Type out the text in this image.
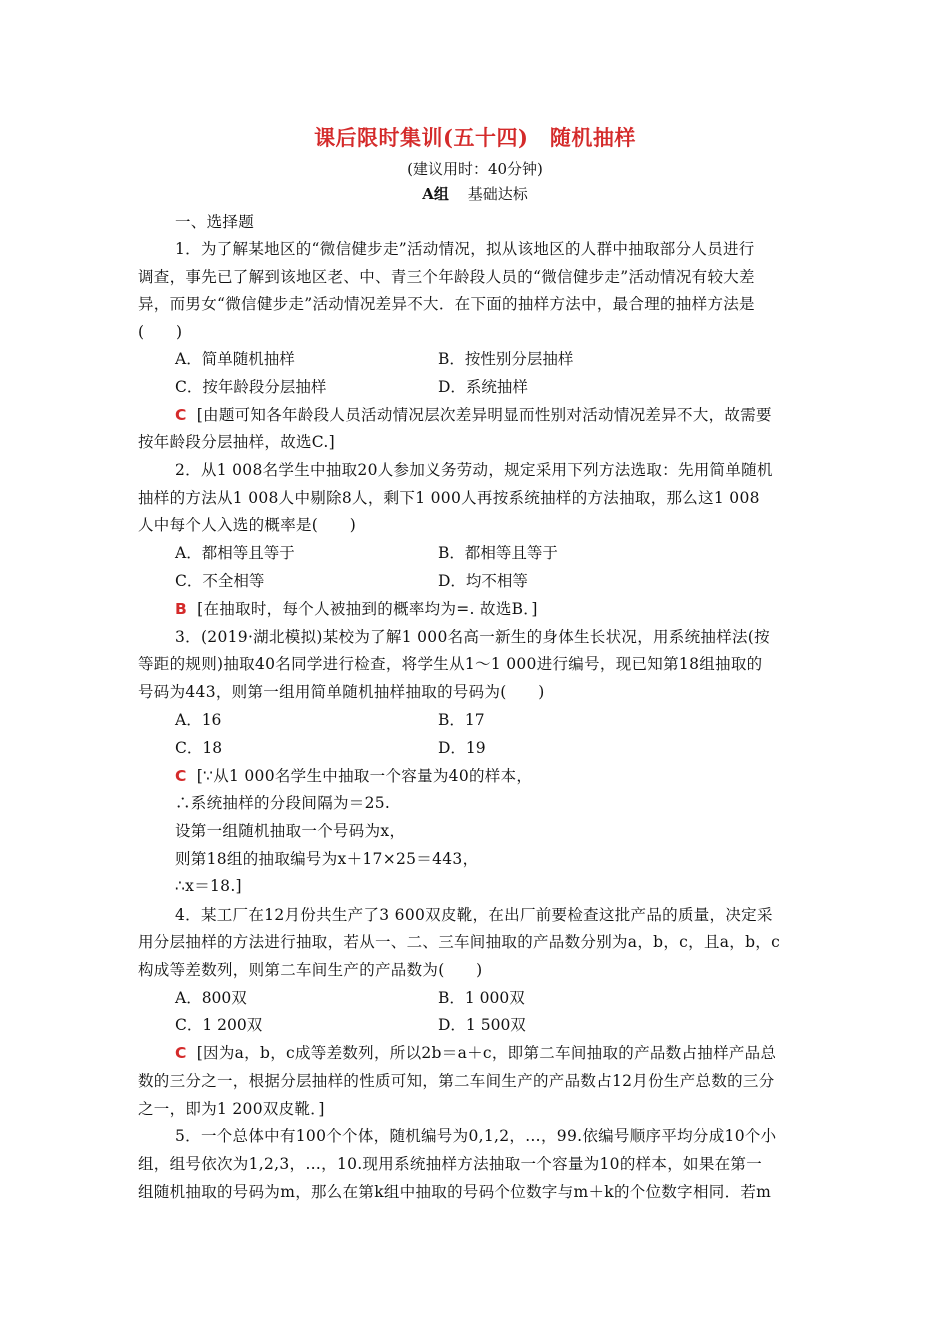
课后限时集训(五十四)　随机抽样
(建议用时：40分钟)
A组 基础达标
一、选择题
1．为了解某地区的“微信健步走”活动情况，拟从该地区的人群中抽取部分人员进行
调查，事先已了解到该地区老、中、青三个年龄段人员的“微信健步走”活动情况有较大差
异，而男女“微信健步走”活动情况差异不大．在下面的抽样方法中，最合理的抽样方法是
(　　)
A．简单随机抽样	B．按性别分层抽样
C．按年龄段分层抽样	D．系统抽样
C [由题可知各年龄段人员活动情况层次差异明显而性别对活动情况差异不大，故需要
按年龄段分层抽样，故选C.]
2．从1 008名学生中抽取20人参加义务劳动，规定采用下列方法选取：先用简单随机
抽样的方法从1 008人中剔除8人，剩下1 000人再按系统抽样的方法抽取，那么这1 008
人中每个人入选的概率是(　　)
A．都相等且等于	B．都相等且等于
C．不全相等	D．均不相等
B [在抽取时，每个人被抽到的概率均为=. 故选B．]
3．(2019·湖北模拟)某校为了解1 000名高一新生的身体生长状况，用系统抽样法(按
等距的规则)抽取40名同学进行检查，将学生从1～1 000进行编号，现已知第18组抽取的
号码为443，则第一组用简单随机抽样抽取的号码为(　　)
A．16	B．17
C．18	D．19
C [∵从1 000名学生中抽取一个容量为40的样本，
∴系统抽样的分段间隔为＝25.
设第一组随机抽取一个号码为x，
则第18组的抽取编号为x＋17×25＝443，
∴x＝18.]
4．某工厂在12月份共生产了3 600双皮靴，在出厂前要检查这批产品的质量，决定采
用分层抽样的方法进行抽取，若从一、二、三车间抽取的产品数分别为a，b，c，且a，b，c
构成等差数列，则第二车间生产的产品数为(　　)
A．800双	B．1 000双
C．1 200双	D．1 500双
C [因为a，b，c成等差数列，所以2b＝a＋c，即第二车间抽取的产品数占抽样产品总
数的三分之一，根据分层抽样的性质可知，第二车间生产的产品数占12月份生产总数的三分
之一，即为1 200双皮靴．]
5．一个总体中有100个个体，随机编号为0,1,2，…，99.依编号顺序平均分成10个小
组，组号依次为1,2,3，…，10.现用系统抽样方法抽取一个容量为10的样本，如果在第一
组随机抽取的号码为m，那么在第k组中抽取的号码个位数字与m＋k的个位数字相同．若m
